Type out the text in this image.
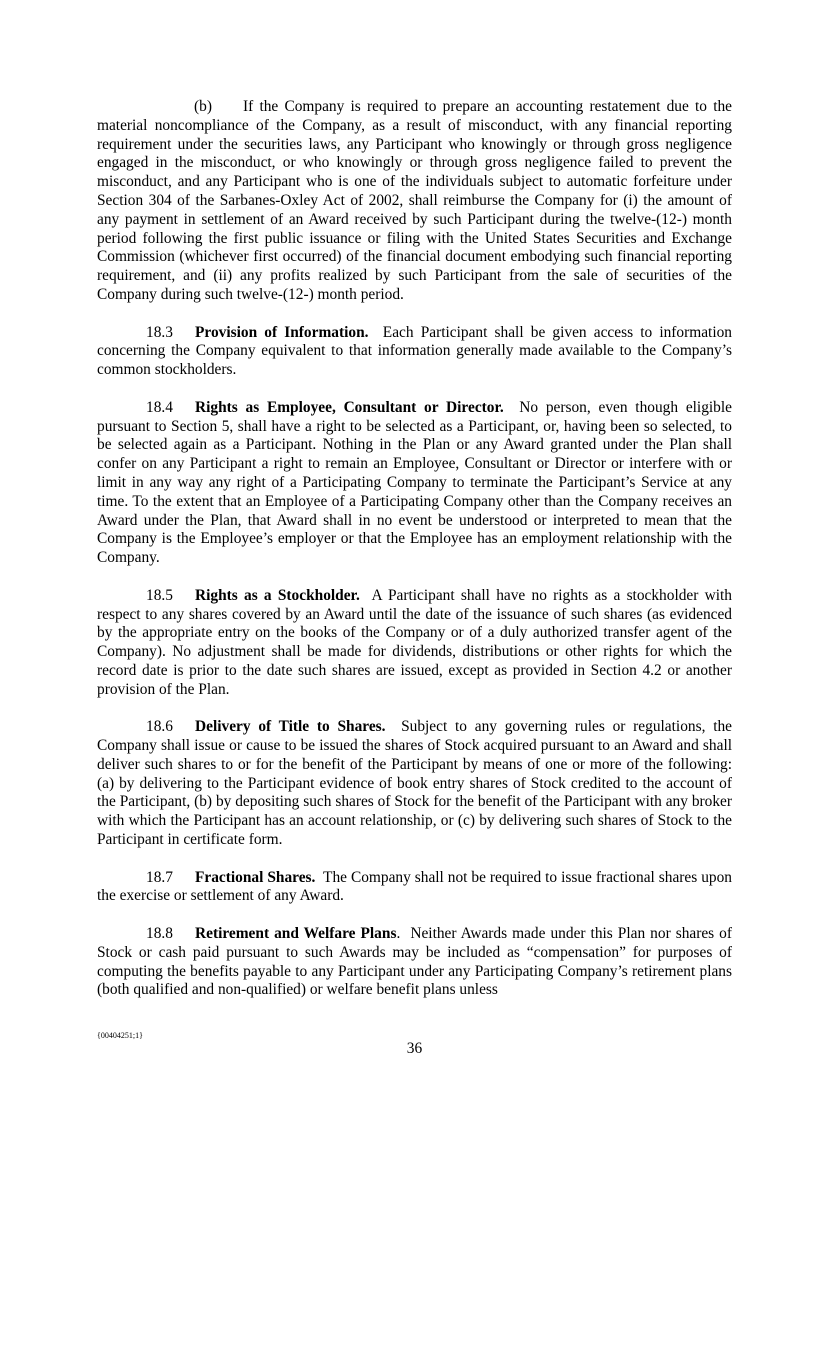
(b) If the Company is required to prepare an accounting restatement due to the material noncompliance of the Company, as a result of misconduct, with any financial reporting requirement under the securities laws, any Participant who knowingly or through gross negligence engaged in the misconduct, or who knowingly or through gross negligence failed to prevent the misconduct, and any Participant who is one of the individuals subject to automatic forfeiture under Section 304 of the Sarbanes-Oxley Act of 2002, shall reimburse the Company for (i) the amount of any payment in settlement of an Award received by such Participant during the twelve-(12-) month period following the first public issuance or filing with the United States Securities and Exchange Commission (whichever first occurred) of the financial document embodying such financial reporting requirement, and (ii) any profits realized by such Participant from the sale of securities of the Company during such twelve-(12-) month period.

18.3 Provision of Information. Each Participant shall be given access to information concerning the Company equivalent to that information generally made available to the Company’s common stockholders.

18.4 Rights as Employee, Consultant or Director. No person, even though eligible pursuant to Section 5, shall have a right to be selected as a Participant, or, having been so selected, to be selected again as a Participant. Nothing in the Plan or any Award granted under the Plan shall confer on any Participant a right to remain an Employee, Consultant or Director or interfere with or limit in any way any right of a Participating Company to terminate the Participant’s Service at any time. To the extent that an Employee of a Participating Company other than the Company receives an Award under the Plan, that Award shall in no event be understood or interpreted to mean that the Company is the Employee’s employer or that the Employee has an employment relationship with the Company.

18.5 Rights as a Stockholder. A Participant shall have no rights as a stockholder with respect to any shares covered by an Award until the date of the issuance of such shares (as evidenced by the appropriate entry on the books of the Company or of a duly authorized transfer agent of the Company). No adjustment shall be made for dividends, distributions or other rights for which the record date is prior to the date such shares are issued, except as provided in Section 4.2 or another provision of the Plan.

18.6 Delivery of Title to Shares. Subject to any governing rules or regulations, the Company shall issue or cause to be issued the shares of Stock acquired pursuant to an Award and shall deliver such shares to or for the benefit of the Participant by means of one or more of the following: (a) by delivering to the Participant evidence of book entry shares of Stock credited to the account of the Participant, (b) by depositing such shares of Stock for the benefit of the Participant with any broker with which the Participant has an account relationship, or (c) by delivering such shares of Stock to the Participant in certificate form.

18.7 Fractional Shares. The Company shall not be required to issue fractional shares upon the exercise or settlement of any Award.

18.8 Retirement and Welfare Plans. Neither Awards made under this Plan nor shares of Stock or cash paid pursuant to such Awards may be included as “compensation” for purposes of computing the benefits payable to any Participant under any Participating Company’s retirement plans (both qualified and non-qualified) or welfare benefit plans unless

{00404251;1}
36
